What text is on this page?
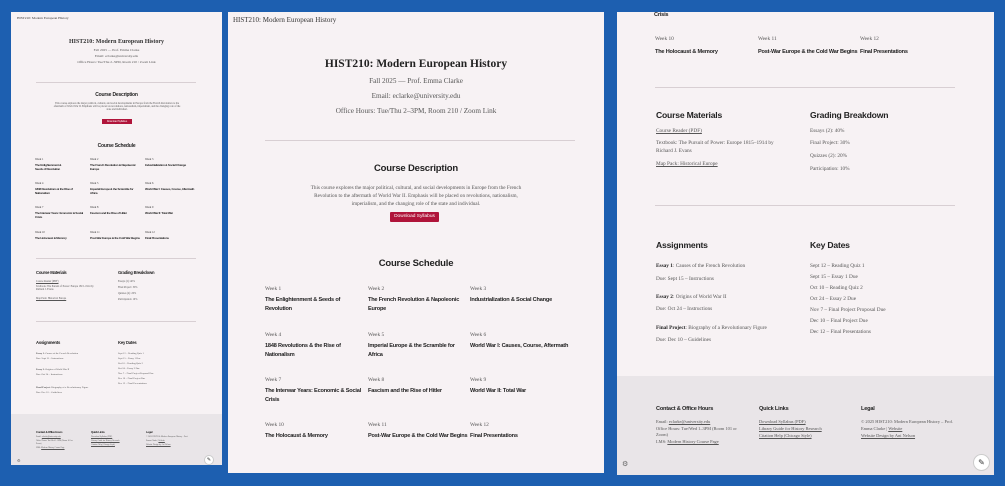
HIST210: Modern European History
HIST210: Modern European History
Fall 2025 — Prof. Emma Clarke
Email: eclarke@university.edu
Office Hours: Tue/Thu 2–3PM, Room 210 / Zoom Link
Course Description
This course explores the major political, cultural, and social developments in Europe from the French Revolution to the aftermath of World War II. Emphasis will be placed on revolutions, nationalism, imperialism, and the changing role of the state and individual.
Download Syllabus
Course Schedule
Week 1
The Enlightenment & Seeds of Revolution
Week 2
The French Revolution & Napoleonic Europe
Week 3
Industrialization & Social Change
Week 4
1848 Revolutions & the Rise of Nationalism
Week 5
Imperial Europe & the Scramble for Africa
Week 6
World War I: Causes, Course, Aftermath
Week 7
The Interwar Years: Economic & Social Crisis
Week 8
Fascism and the Rise of Hitler
Week 9
World War II: Total War
Week 10
The Holocaust & Memory
Week 11
Post-War Europe & the Cold War Begins
Week 12
Final Presentations
Course Materials
Course Reader (PDF)
Textbook: The Pursuit of Power: Europe 1815–1914 by Richard J. Evans
Map Pack: Historical Europe
Grading Breakdown
Essays (2): 40%
Final Project: 30%
Quizzes (2): 20%
Participation: 10%
Assignments
Essay 1: Causes of the French Revolution
Due: Sept 15 – Instructions
Essay 2: Origins of World War II
Due: Oct 24 – Instructions
Final Project: Biography of a Revolutionary Figure
Due: Dec 10 – Guidelines
Key Dates
Sept 12 – Reading Quiz 1
Sept 15 – Essay 1 Due
Oct 10 – Reading Quiz 2
Oct 24 – Essay 2 Due
Nov 7 – Final Project Proposal Due
Dec 10 – Final Project Due
Dec 12 – Final Presentations
Contact & Office Hours
Email: eclarke@university.edu
Office Hours: Tue/Wed 1–3PM (Room 101 or
Zoom)
LMS: Modern History Course Page
Quick Links
Download Syllabus (PDF)
Library Guide for History Research
Citation Help (Chicago Style)
Legal
© 2025 HIST210: Modern European History – Prof.
Emma Clarke | Website
Website Design by Ani Nelson
⚙	✎
HIST210: Modern European History
HIST210: Modern European History
Fall 2025 — Prof. Emma Clarke
Email: eclarke@university.edu
Office Hours: Tue/Thu 2–3PM, Room 210 / Zoom Link
Course Description
This course explores the major political, cultural, and social developments in Europe from the French
Revolution to the aftermath of World War II. Emphasis will be placed on revolutions, nationalism,
imperialism, and the changing role of the state and individual.
Download Syllabus
Course Schedule
Week 1
The Enlightenment & Seeds of Revolution
Week 2
The French Revolution & Napoleonic Europe
Week 3
Industrialization & Social Change
Week 4
1848 Revolutions & the Rise of Nationalism
Week 5
Imperial Europe & the Scramble for Africa
Week 6
World War I: Causes, Course, Aftermath
Week 7
The Interwar Years: Economic & Social Crisis
Week 8
Fascism and the Rise of Hitler
Week 9
World War II: Total War
Week 10
The Holocaust & Memory
Week 11
Post-War Europe & the Cold War Begins
Week 12
Final Presentations
Crisis
Week 10
The Holocaust & Memory
Week 11
Post-War Europe & the Cold War Begins
Week 12
Final Presentations
Course Materials
Course Reader (PDF)
Textbook: The Pursuit of Power: Europe 1815–1914 by
Richard J. Evans
Map Pack: Historical Europe
Grading Breakdown
Essays (2): 40%
Final Project: 30%
Quizzes (2): 20%
Participation: 10%
Assignments
Essay 1: Causes of the French Revolution
Due: Sept 15 – Instructions
Essay 2: Origins of World War II
Due: Oct 24 – Instructions
Final Project: Biography of a Revolutionary Figure
Due: Dec 10 – Guidelines
Key Dates
Sept 12 – Reading Quiz 1
Sept 15 – Essay 1 Due
Oct 10 – Reading Quiz 2
Oct 24 – Essay 2 Due
Nov 7 – Final Project Proposal Due
Dec 10 – Final Project Due
Dec 12 – Final Presentations
Contact & Office Hours
Email: eclarke@university.edu
Office Hours: Tue/Wed 1–3PM (Room 101 or
Zoom)
LMS: Modern History Course Page
Quick Links
Download Syllabus (PDF)
Library Guide for History Research
Citation Help (Chicago Style)
Legal
© 2025 HIST210: Modern European History – Prof.
Emma Clarke | Website
Website Design by Ani Nelson
⚙	✎
